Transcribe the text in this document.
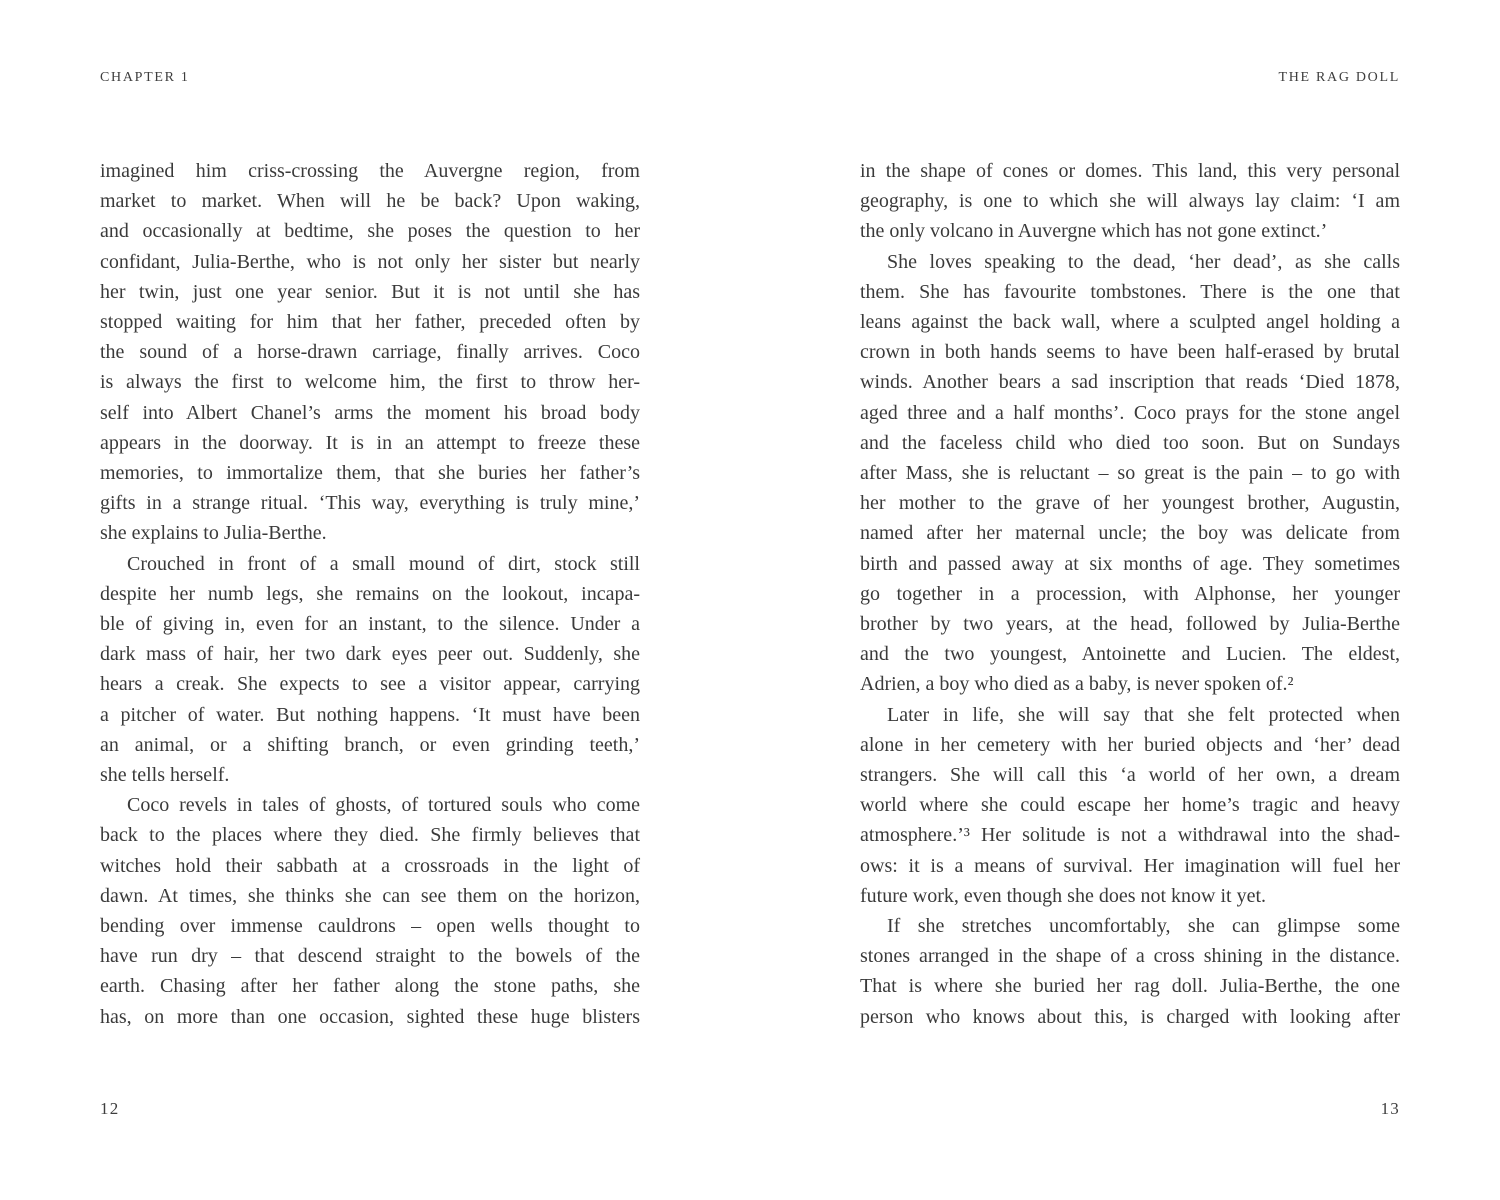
CHAPTER 1
imagined him criss-crossing the Auvergne region, from
market to market. When will he be back? Upon waking,
and occasionally at bedtime, she poses the question to her
confidant, Julia-Berthe, who is not only her sister but nearly
her twin, just one year senior. But it is not until she has
stopped waiting for him that her father, preceded often by
the sound of a horse-drawn carriage, finally arrives. Coco
is always the first to welcome him, the first to throw her-
self into Albert Chanel’s arms the moment his broad body
appears in the doorway. It is in an attempt to freeze these
memories, to immortalize them, that she buries her father’s
gifts in a strange ritual. ‘This way, everything is truly mine,’
she explains to Julia-Berthe.
Crouched in front of a small mound of dirt, stock still
despite her numb legs, she remains on the lookout, incapa-
ble of giving in, even for an instant, to the silence. Under a
dark mass of hair, her two dark eyes peer out. Suddenly, she
hears a creak. She expects to see a visitor appear, carrying
a pitcher of water. But nothing happens. ‘It must have been
an animal, or a shifting branch, or even grinding teeth,’
she tells herself.
Coco revels in tales of ghosts, of tortured souls who come
back to the places where they died. She firmly believes that
witches hold their sabbath at a crossroads in the light of
dawn. At times, she thinks she can see them on the horizon,
bending over immense cauldrons – open wells thought to
have run dry – that descend straight to the bowels of the
earth. Chasing after her father along the stone paths, she
has, on more than one occasion, sighted these huge blisters
12
THE RAG DOLL
in the shape of cones or domes. This land, this very personal
geography, is one to which she will always lay claim: ‘I am
the only volcano in Auvergne which has not gone extinct.’
She loves speaking to the dead, ‘her dead’, as she calls
them. She has favourite tombstones. There is the one that
leans against the back wall, where a sculpted angel holding a
crown in both hands seems to have been half-erased by brutal
winds. Another bears a sad inscription that reads ‘Died 1878,
aged three and a half months’. Coco prays for the stone angel
and the faceless child who died too soon. But on Sundays
after Mass, she is reluctant – so great is the pain – to go with
her mother to the grave of her youngest brother, Augustin,
named after her maternal uncle; the boy was delicate from
birth and passed away at six months of age. They sometimes
go together in a procession, with Alphonse, her younger
brother by two years, at the head, followed by Julia-Berthe
and the two youngest, Antoinette and Lucien. The eldest,
Adrien, a boy who died as a baby, is never spoken of.²
Later in life, she will say that she felt protected when
alone in her cemetery with her buried objects and ‘her’ dead
strangers. She will call this ‘a world of her own, a dream
world where she could escape her home’s tragic and heavy
atmosphere.’³ Her solitude is not a withdrawal into the shad-
ows: it is a means of survival. Her imagination will fuel her
future work, even though she does not know it yet.
If she stretches uncomfortably, she can glimpse some
stones arranged in the shape of a cross shining in the distance.
That is where she buried her rag doll. Julia-Berthe, the one
person who knows about this, is charged with looking after
13
